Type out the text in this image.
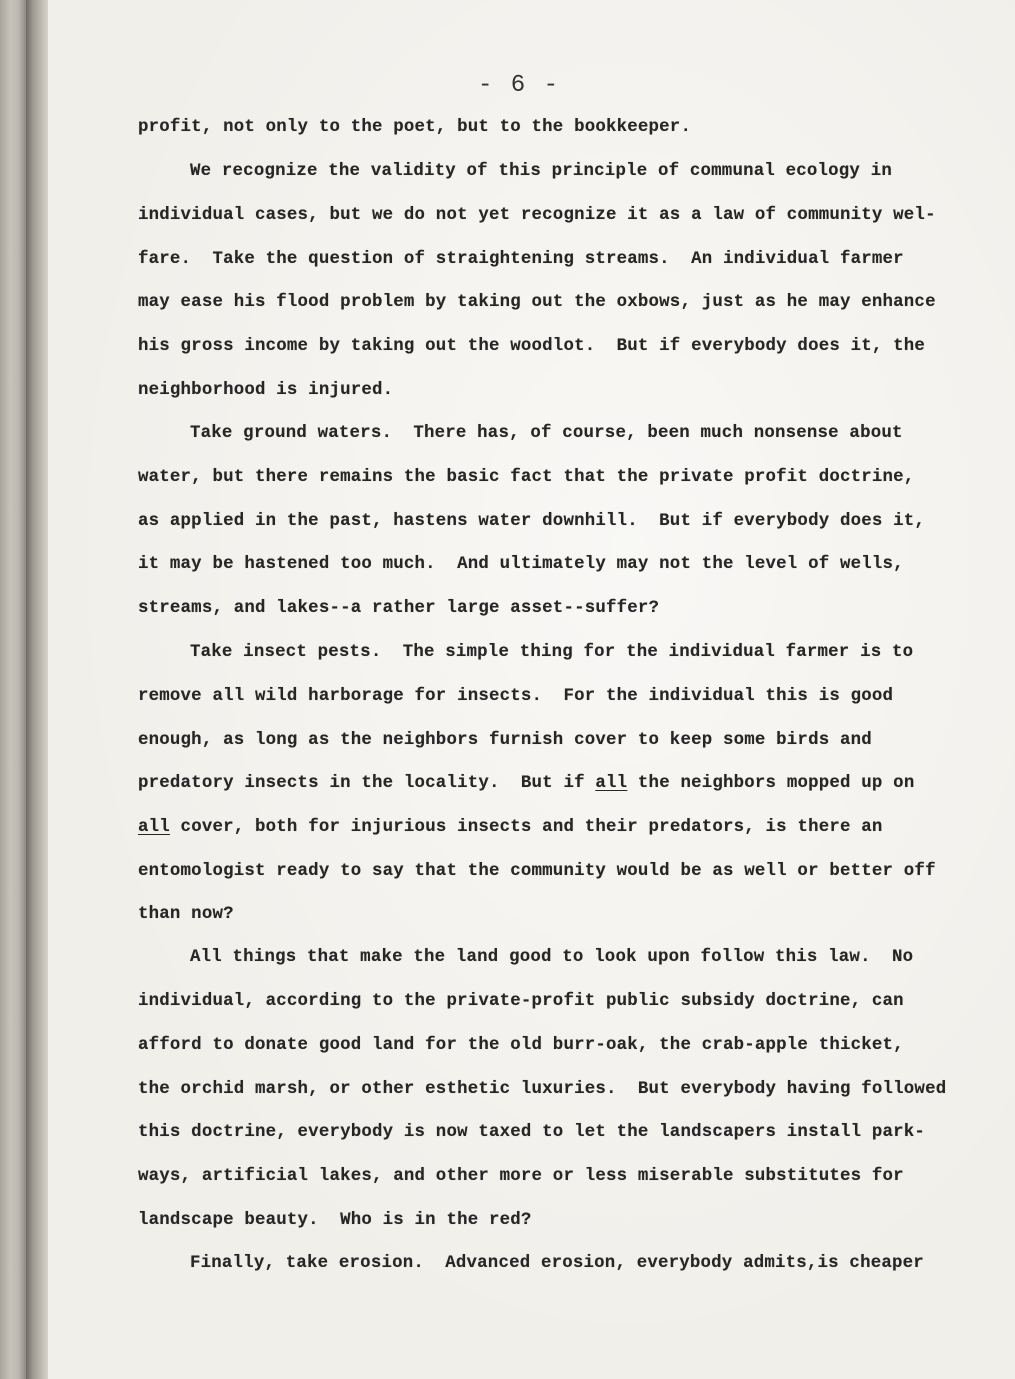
- 6 -
profit, not only to the poet, but to the bookkeeper.
We recognize the validity of this principle of communal ecology in
individual cases, but we do not yet recognize it as a law of community wel-
fare.  Take the question of straightening streams.  An individual farmer
may ease his flood problem by taking out the oxbows, just as he may enhance
his gross income by taking out the woodlot.  But if everybody does it, the
neighborhood is injured.
Take ground waters.  There has, of course, been much nonsense about
water, but there remains the basic fact that the private profit doctrine,
as applied in the past, hastens water downhill.  But if everybody does it,
it may be hastened too much.  And ultimately may not the level of wells,
streams, and lakes--a rather large asset--suffer?
Take insect pests.  The simple thing for the individual farmer is to
remove all wild harborage for insects.  For the individual this is good
enough, as long as the neighbors furnish cover to keep some birds and
predatory insects in the locality.  But if all the neighbors mopped up on
all cover, both for injurious insects and their predators, is there an
entomologist ready to say that the community would be as well or better off
than now?
All things that make the land good to look upon follow this law.  No
individual, according to the private-profit public subsidy doctrine, can
afford to donate good land for the old burr-oak, the crab-apple thicket,
the orchid marsh, or other esthetic luxuries.  But everybody having followed
this doctrine, everybody is now taxed to let the landscapers install park-
ways, artificial lakes, and other more or less miserable substitutes for
landscape beauty.  Who is in the red?
Finally, take erosion.  Advanced erosion, everybody admits,is cheaper
